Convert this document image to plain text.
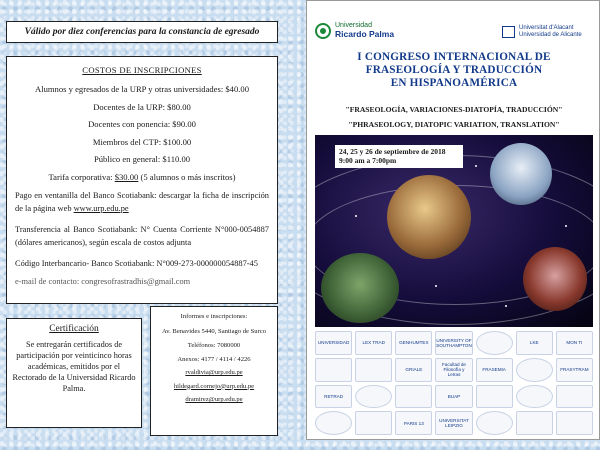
Válido por diez conferencias para la constancia de egresado
COSTOS DE INSCRIPCIONES
Alumnos y egresados de la URP y otras universidades: $40.00
Docentes de la URP: $80.00
Docentes con ponencia: $90.00
Miembros del CTP: $100.00
Público en general: $110.00
Tarifa corporativa: $30.00 (5 alumnos o más inscritos)
Pago en ventanilla del Banco Scotiabank: descargar la ficha de inscripción de la página web www.urp.edu.pe
Transferencia al Banco Scotiabank: N° Cuenta Corriente N°000-0054887 (dólares americanos), según escala de costos adjunta
Código Interbancario- Banco Scotiabank: N°009-273-000000054887-45
e-mail de contacto: congresofrastradhis@gmail.com
Certificación
Se entregarán certificados de participación por veinticinco horas académicas, emitidos por el Rectorado de la Universidad Ricardo Palma.
Informes e inscripciones:
Av. Benavides 5440, Santiago de Surco
Teléfonos: 7080000
Anexos: 4177 / 4114 / 4226
rvaldivia@urp.edu.pe
hildegard.cornejo@urp.edu.pe
dramirez@urp.edu.pe
Universidad
Ricardo Palma
Universitat d'Alacant
Universidad de Alicante
I CONGRESO INTERNACIONAL DE
FRASEOLOGÍA Y TRADUCCIÓN
EN HISPANOAMÉRICA
"FRASEOLOGÍA, VARIACIONES-DIATOPÍA, TRADUCCIÓN"
"PHRASEOLOGY, DIATOPIC VARIATION, TRANSLATION"
24, 25 y 26 de septiembre de 2018
9:00 am a 7:00pm
UNIVERSIDAD	LEX TRAD	GENHUMTEX	UNIVERSITY OF SOUTHAMPTON	LKE	MON TI
GRIALE
Facultad de Filosofía y Letras
FRASEMIA	FRASYTRAM
RETRAD	BUAP
PARIS 13	UNIVERSITAT LEIPZIG
